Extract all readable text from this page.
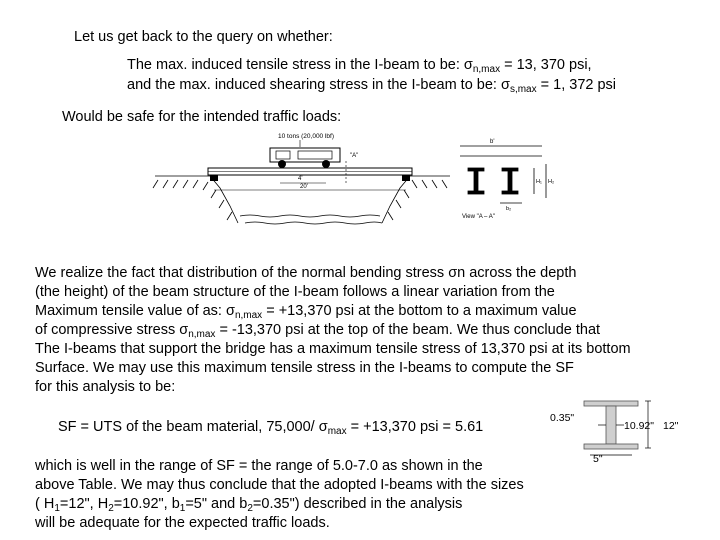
Let us get back to the query on whether:
The max. induced tensile stress in the I-beam to be: $\sigma_{n,max} = 13$, 370 psi,
and the max. induced shearing stress in the I-beam to be: $\sigma_{s,max} = 1$, 372 psi
Would be safe for the intended traffic loads:
10 tons (20,000 lbf)
"A"
4'
20'
b'
H₁ H₂
b₂
View "A – A"
We realize the fact that distribution of the normal bending stress σn across the depth
(the height) of the beam structure of the I-beam follows a linear variation from the
Maximum tensile value of as: $\sigma_{n,max} = +13,370$ psi at the bottom to a maximum value
of compressive stress $\sigma_{n,max} = -13,370$ psi at the top of the beam. We thus conclude that
The I-beams that support the bridge has a maximum tensile stress of 13,370 psi at its bottom
Surface. We may use this maximum tensile stress in the I-beams to compute the SF
for this analysis to be:
SF = UTS of the beam material, 75,000/ $\sigma_{max} = +13,370$ psi = 5.61
0.35"
10.92" 12"
5"
which is well in the range of SF = the range of 5.0-7.0 as shown in the
above Table. We may thus conclude that the adopted I-beams with the sizes
( $H_1=12$", $H_2=10.92$", $b_1=5$" and $b_2=0.35$") described in the analysis
will be adequate for the expected traffic loads.
